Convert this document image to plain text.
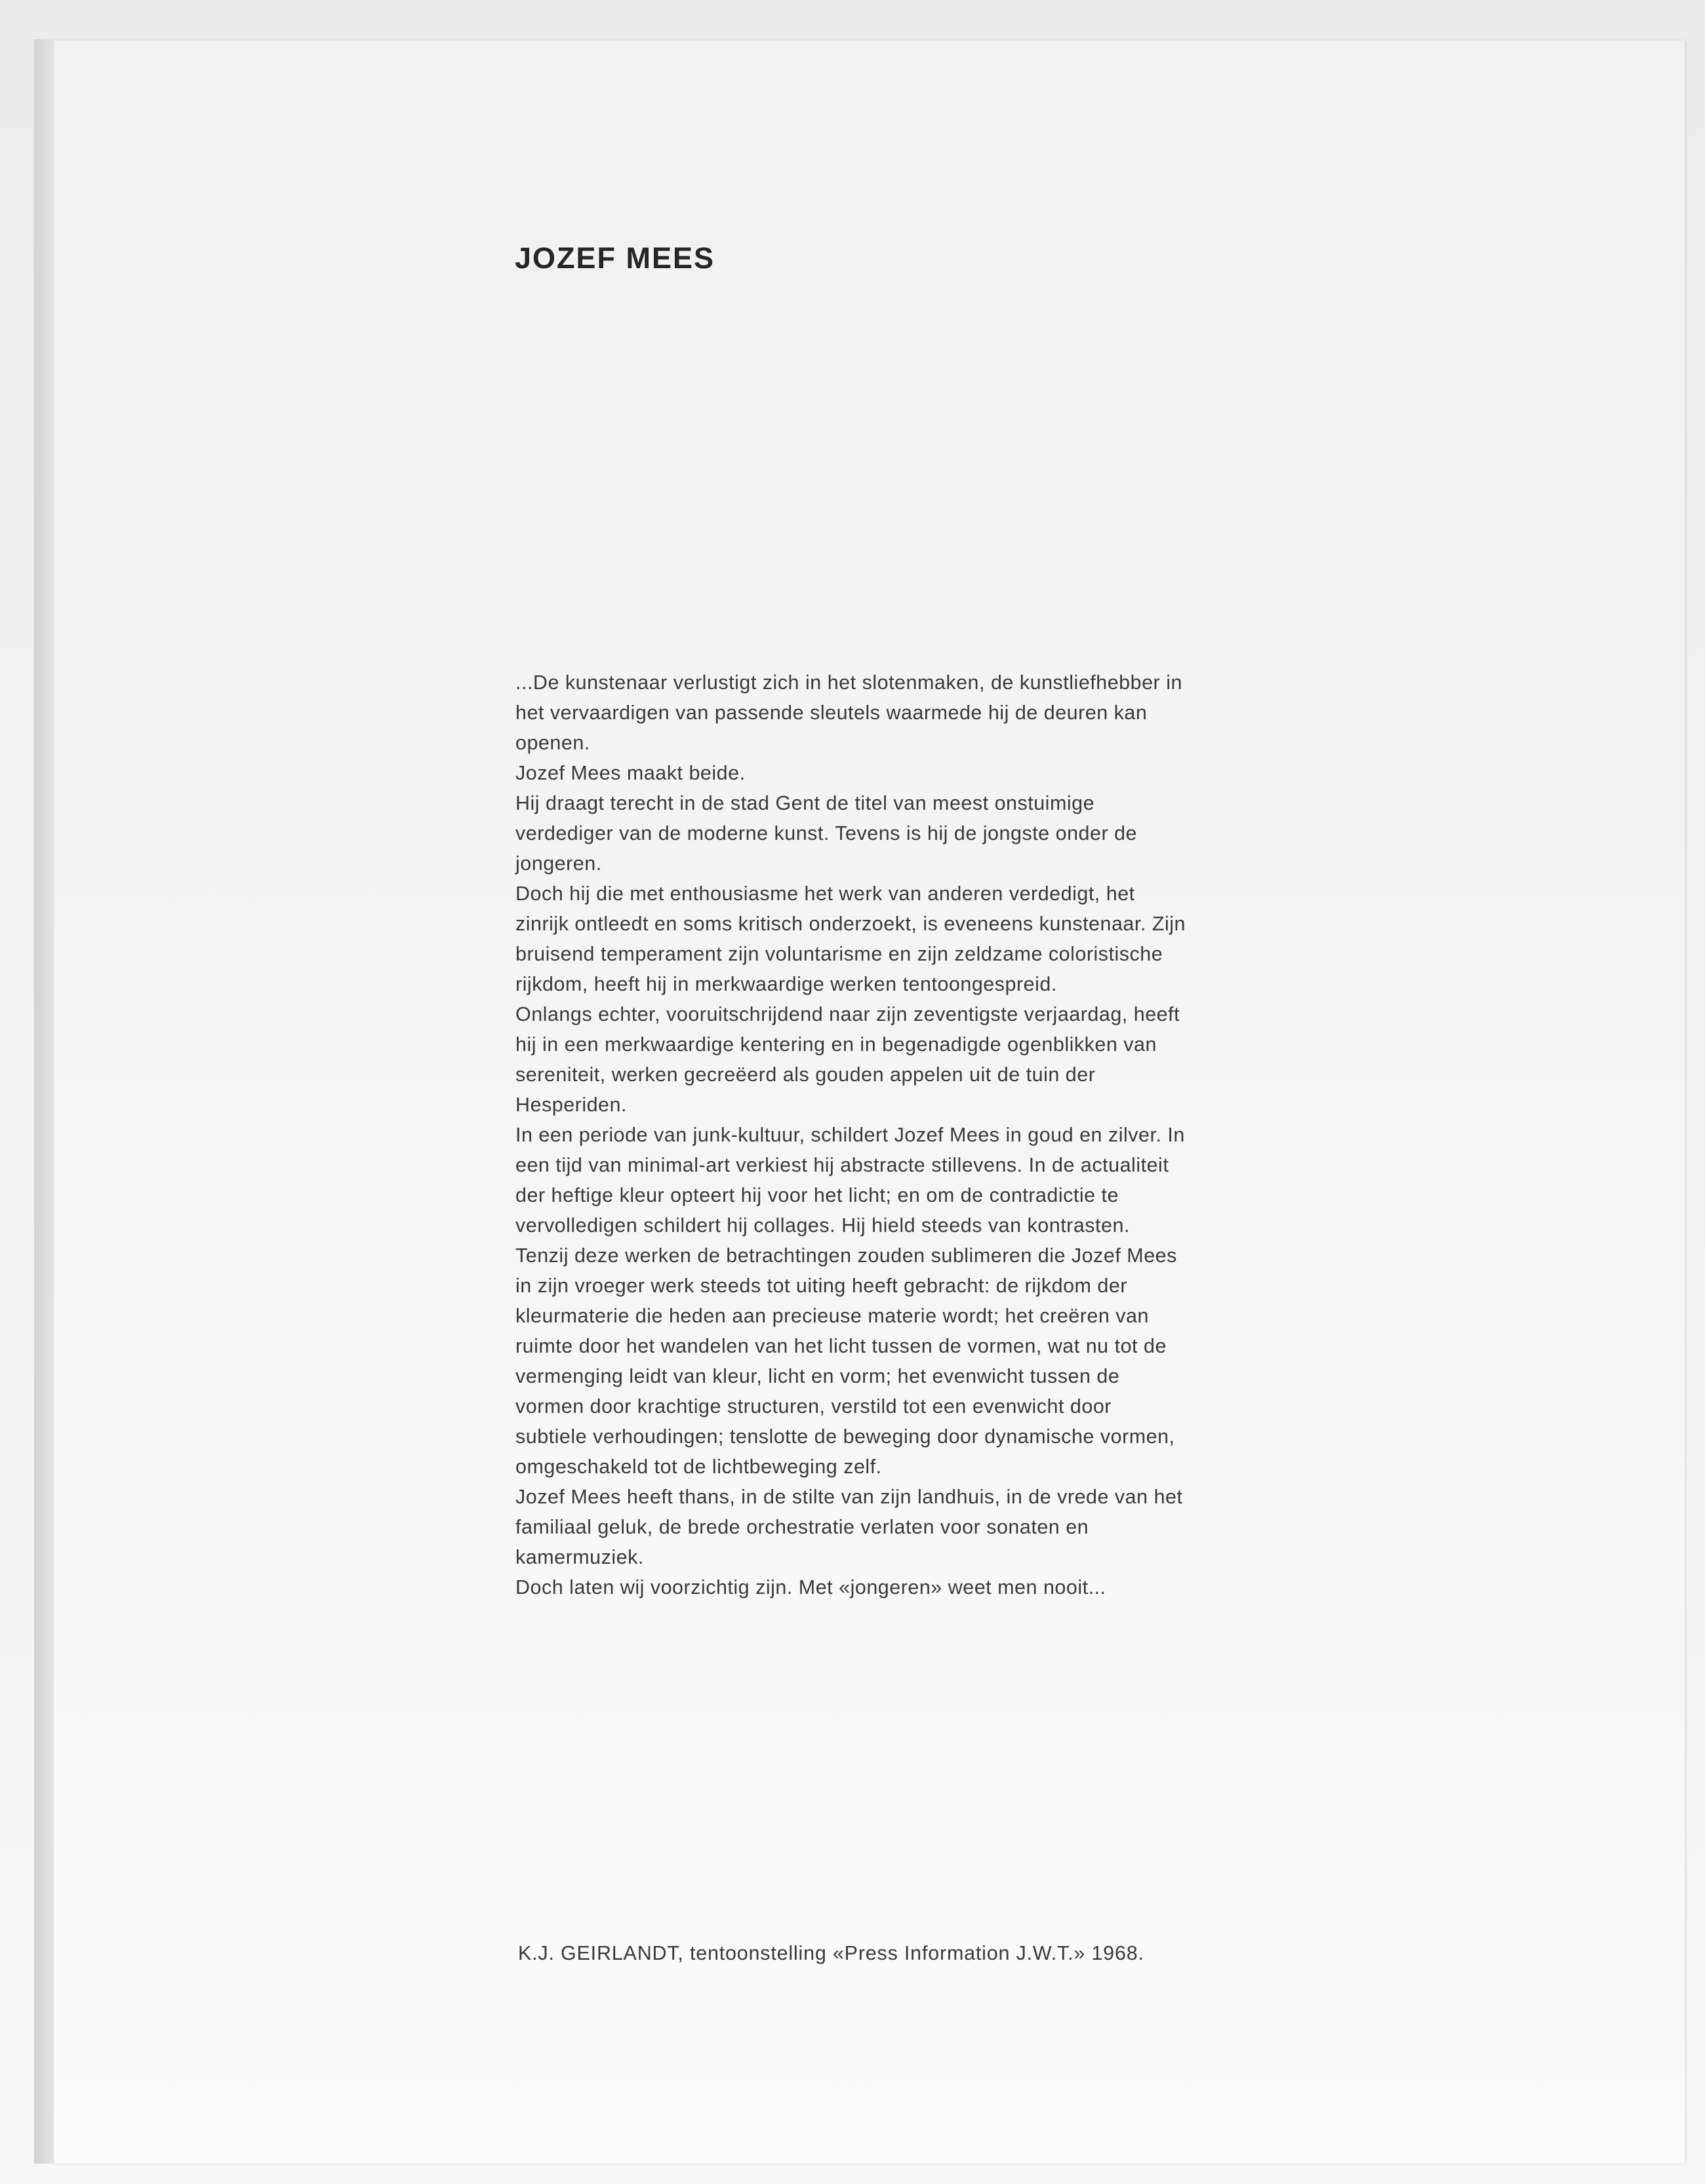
JOZEF MEES
...De kunstenaar verlustigt zich in het slotenmaken, de kunstliefhebber in
het vervaardigen van passende sleutels waarmede hij de deuren kan
openen.
Jozef Mees maakt beide.
Hij draagt terecht in de stad Gent de titel van meest onstuimige
verdediger van de moderne kunst. Tevens is hij de jongste onder de
jongeren.
Doch hij die met enthousiasme het werk van anderen verdedigt, het
zinrijk ontleedt en soms kritisch onderzoekt, is eveneens kunstenaar. Zijn
bruisend temperament zijn voluntarisme en zijn zeldzame coloristische
rijkdom, heeft hij in merkwaardige werken tentoongespreid.
Onlangs echter, vooruitschrijdend naar zijn zeventigste verjaardag, heeft
hij in een merkwaardige kentering en in begenadigde ogenblikken van
sereniteit, werken gecreëerd als gouden appelen uit de tuin der
Hesperiden.
In een periode van junk-kultuur, schildert Jozef Mees in goud en zilver. In
een tijd van minimal-art verkiest hij abstracte stillevens. In de actualiteit
der heftige kleur opteert hij voor het licht; en om de contradictie te
vervolledigen schildert hij collages. Hij hield steeds van kontrasten.
Tenzij deze werken de betrachtingen zouden sublimeren die Jozef Mees
in zijn vroeger werk steeds tot uiting heeft gebracht: de rijkdom der
kleurmaterie die heden aan precieuse materie wordt; het creëren van
ruimte door het wandelen van het licht tussen de vormen, wat nu tot de
vermenging leidt van kleur, licht en vorm; het evenwicht tussen de
vormen door krachtige structuren, verstild tot een evenwicht door
subtiele verhoudingen; tenslotte de beweging door dynamische vormen,
omgeschakeld tot de lichtbeweging zelf.
Jozef Mees heeft thans, in de stilte van zijn landhuis, in de vrede van het
familiaal geluk, de brede orchestratie verlaten voor sonaten en
kamermuziek.
Doch laten wij voorzichtig zijn. Met «jongeren» weet men nooit...

K.J. GEIRLANDT, tentoonstelling «Press Information J.W.T.» 1968.
